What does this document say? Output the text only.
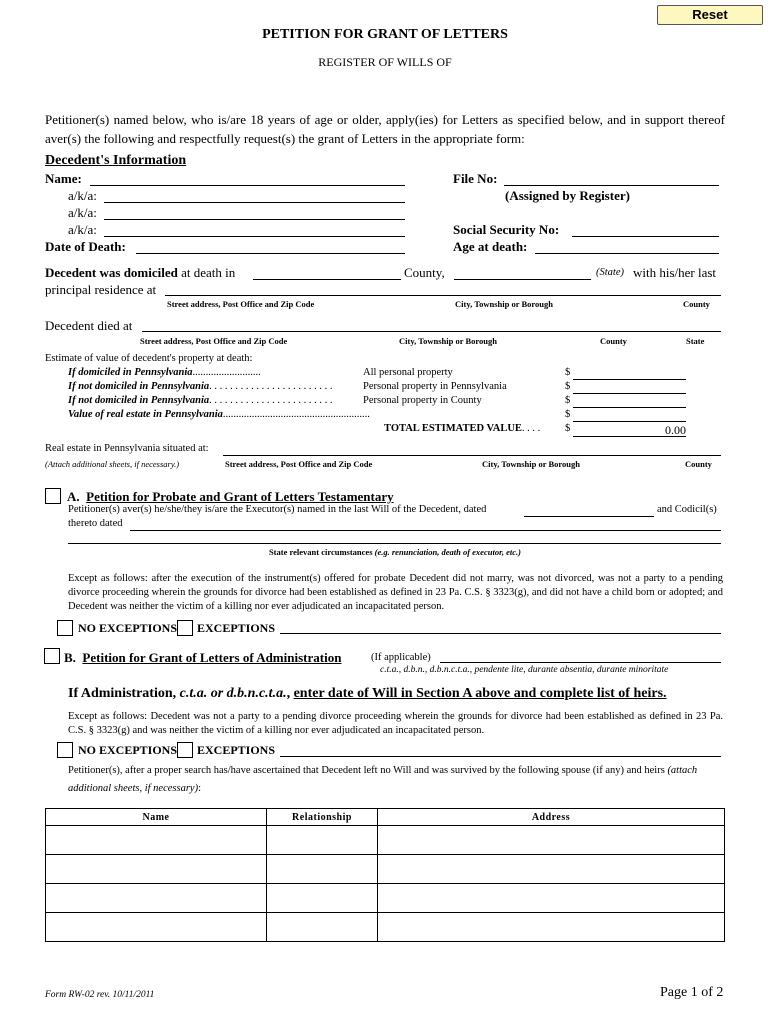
Reset
PETITION FOR GRANT OF LETTERS
REGISTER OF WILLS OF
Petitioner(s) named below, who is/are 18 years of age or older, apply(ies) for Letters as specified below, and in support thereof aver(s) the following and respectfully request(s) the grant of Letters in the appropriate form:
Decedent's Information
Name:
a/k/a:
a/k/a:
a/k/a:
Date of Death:
File No:
(Assigned by Register)
Social Security No:
Age at death:
Decedent was domiciled at death in	County,	(State) with his/her last
principal residence at
Street address, Post Office and Zip Code	City, Township or Borough	County
Decedent died at
Street address, Post Office and Zip Code	City, Township or Borough	County	State
Estimate of value of decedent's property at death:
If domiciled in Pennsylvania..........................	All personal property	$
If not domiciled in Pennsylvania. . . . . . . . . . . . . . . . . . . . . . . .	Personal property in Pennsylvania	$
If not domiciled in Pennsylvania. . . . . . . . . . . . . . . . . . . . . . . .	Personal property in County	$
Value of real estate in Pennsylvania........................................................	$
TOTAL ESTIMATED VALUE. . . . $	0.00
Real estate in Pennsylvania situated at:
(Attach additional sheets, if necessary.)	Street address, Post Office and Zip Code	City, Township or Borough	County
A. Petition for Probate and Grant of Letters Testamentary
Petitioner(s) aver(s) he/she/they is/are the Executor(s) named in the last Will of the Decedent, dated	and Codicil(s)
thereto dated
State relevant circumstances (e.g. renunciation, death of executor, etc.)
Except as follows: after the execution of the instrument(s) offered for probate Decedent did not marry, was not divorced, was not a party to a pending divorce proceeding wherein the grounds for divorce had been established as defined in 23 Pa. C.S. § 3323(g), and did not have a child born or adopted; and Decedent was neither the victim of a killing nor ever adjudicated an incapacitated person.
NO EXCEPTIONS EXCEPTIONS
B. Petition for Grant of Letters of Administration	(If applicable)
c.t.a., d.b.n., d.b.n.c.t.a., pendente lite, durante absentia, durante minoritate
If Administration, c.t.a. or d.b.n.c.t.a., enter date of Will in Section A above and complete list of heirs.
Except as follows: Decedent was not a party to a pending divorce proceeding wherein the grounds for divorce had been established as defined in 23 Pa. C.S. § 3323(g) and was neither the victim of a killing nor ever adjudicated an incapacitated person.
NO EXCEPTIONS EXCEPTIONS
Petitioner(s), after a proper search has/have ascertained that Decedent left no Will and was survived by the following spouse (if any) and heirs (attach additional sheets, if necessary):
Name	Relationship	Address

Form RW-02 rev. 10/11/2011	Page 1 of 2
